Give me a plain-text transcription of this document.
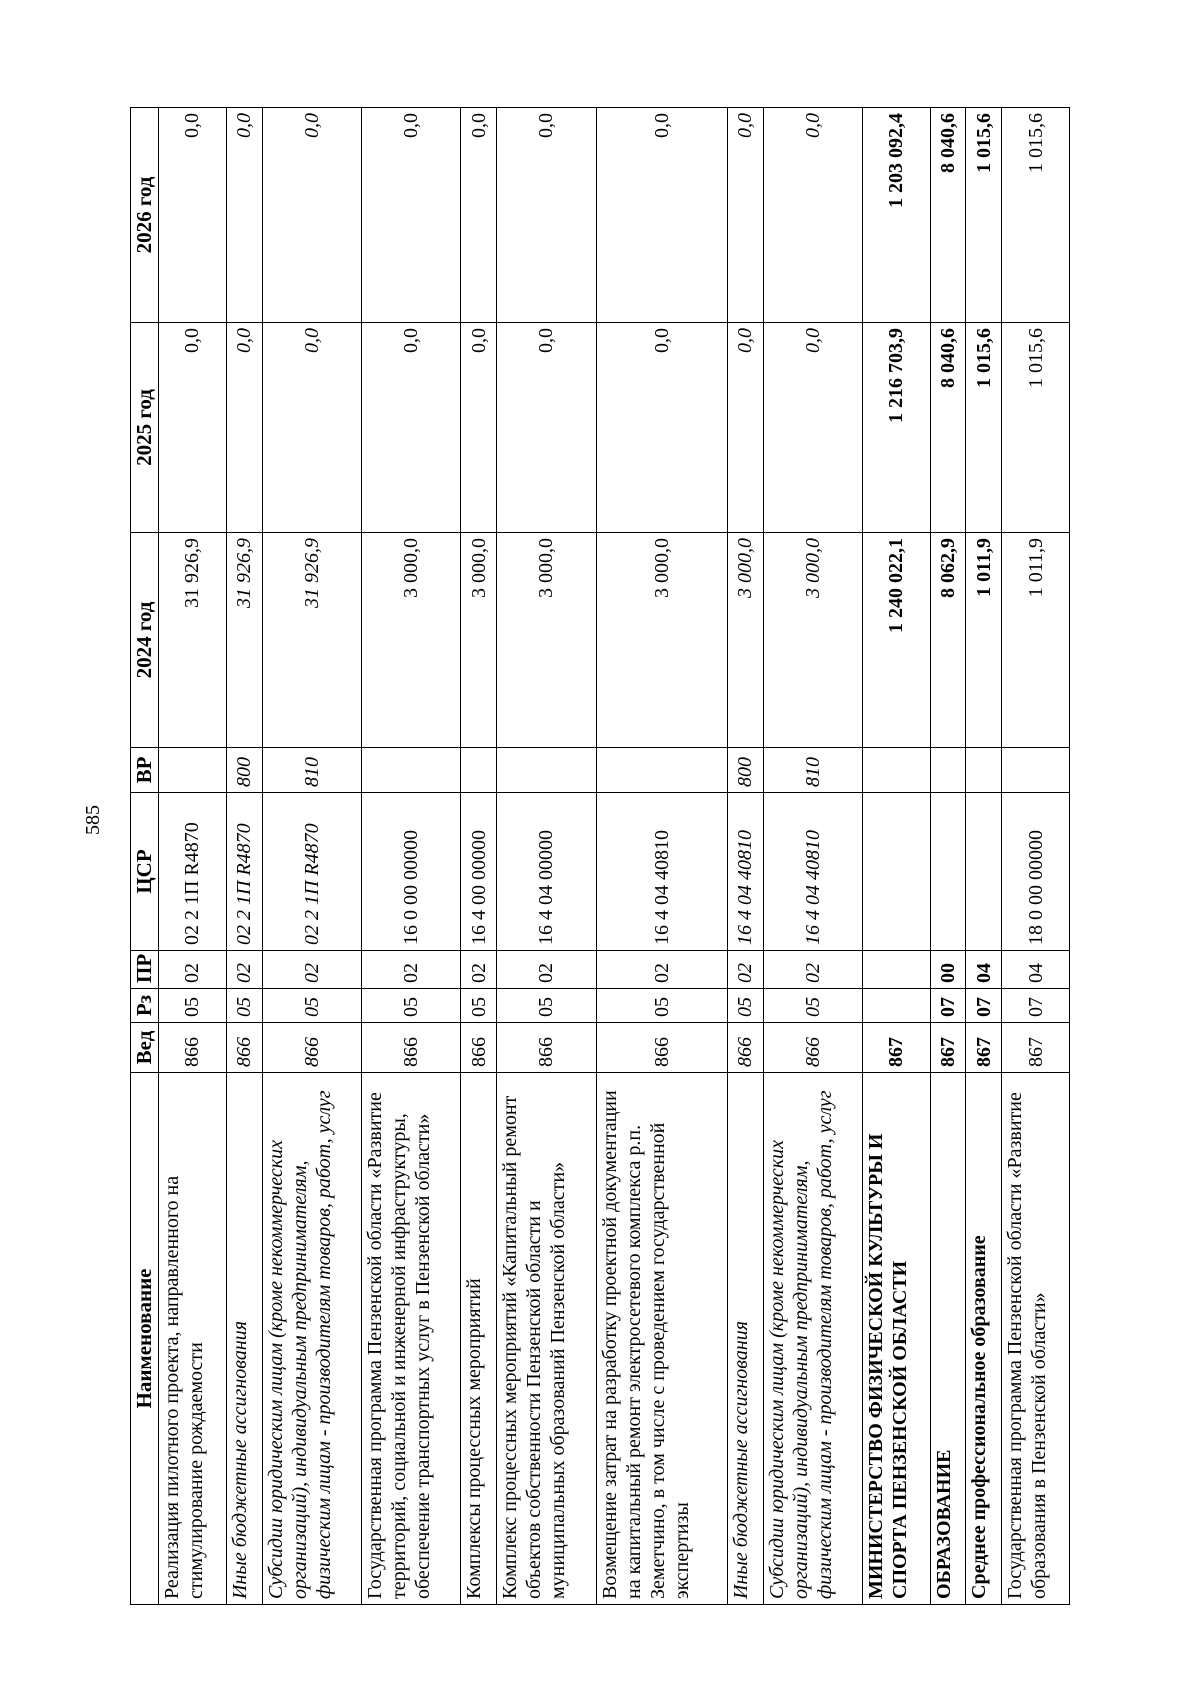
585
Наименование	Вед	Рз	ПР	ЦСР	ВР	2024 год	2025 год	2026 год
Реализация пилотного проекта, направленного на стимулирование рождаемости	866	05	02	02 2 1П R4870		31 926,9	0,0	0,0
Иные бюджетные ассигнования	866	05	02	02 2 1П R4870	800	31 926,9	0,0	0,0
Субсидии юридическим лицам (кроме некоммерческих организаций), индивидуальным предпринимателям, физическим лицам - производителям товаров, работ, услуг	866	05	02	02 2 1П R4870	810	31 926,9	0,0	0,0
Государственная программа Пензенской области «Развитие территорий, социальной и инженерной инфраструктуры, обеспечение транспортных услуг в Пензенской области»	866	05	02	16 0 00 00000		3 000,0	0,0	0,0
Комплексы процессных мероприятий	866	05	02	16 4 00 00000		3 000,0	0,0	0,0
Комплекс процессных мероприятий «Капитальный ремонт объектов собственности Пензенской области и муниципальных образований Пензенской области»	866	05	02	16 4 04 00000		3 000,0	0,0	0,0
Возмещение затрат на разработку проектной документации на капитальный ремонт электросетевого комплекса р.п. Земетчино, в том числе с проведением государственной экспертизы	866	05	02	16 4 04 40810		3 000,0	0,0	0,0
Иные бюджетные ассигнования	866	05	02	16 4 04 40810	800	3 000,0	0,0	0,0
Субсидии юридическим лицам (кроме некоммерческих организаций), индивидуальным предпринимателям, физическим лицам - производителям товаров, работ, услуг	866	05	02	16 4 04 40810	810	3 000,0	0,0	0,0
МИНИСТЕРСТВО ФИЗИЧЕСКОЙ КУЛЬТУРЫ И СПОРТА ПЕНЗЕНСКОЙ ОБЛАСТИ	867					1 240 022,1	1 216 703,9	1 203 092,4
ОБРАЗОВАНИЕ	867	07	00			8 062,9	8 040,6	8 040,6
Среднее профессиональное образование	867	07	04			1 011,9	1 015,6	1 015,6
Государственная программа Пензенской области «Развитие образования в Пензенской области»	867	07	04	18 0 00 00000		1 011,9	1 015,6	1 015,6
